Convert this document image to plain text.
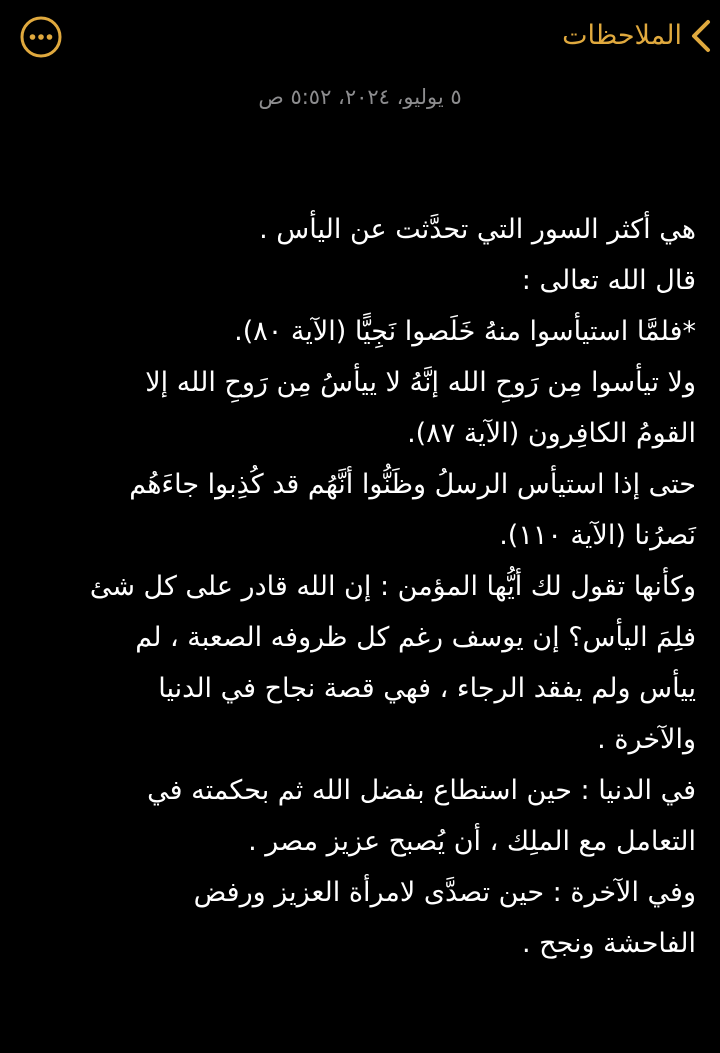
الملاحظات
٥ يوليو، ٢٠٢٤، ٥:٥٢ ص
هي أكثر السور التي تحدَّثت عن اليأس .
قال الله تعالى :
*فلمَّا استيأسوا منهُ خَلَصوا نَجِيًّا (الآية ٨٠).
ولا تيأسوا مِن رَوحِ الله إنَّهُ لا ييأسُ مِن رَوحِ الله إلا
القومُ الكافِرون (الآية ٨٧).
حتى إذا استيأس الرسلُ وظَنُّوا أنَّهُم قد كُذِبوا جاءَهُم
نَصرُنا (الآية ١١٠).
وكأنها تقول لك أيُّها المؤمن : إن الله قادر على كل شئ
فلِمَ اليأس؟ إن يوسف رغم كل ظروفه الصعبة ، لم
ييأس ولم يفقد الرجاء ، فهي قصة نجاح في الدنيا
والآخرة .
في الدنيا : حين استطاع بفضل الله ثم بحكمته في
التعامل مع الملِك ، أن يُصبح عزيز مصر .
وفي الآخرة : حين تصدَّى لامرأة العزيز ورفض
الفاحشة ونجح .
